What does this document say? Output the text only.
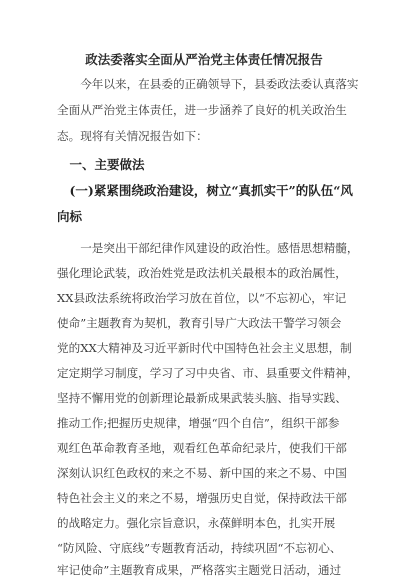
政法委落实全面从严治党主体责任情况报告
　　今年以来，在县委的正确领导下，县委政法委认真落实
全面从严治党主体责任，进一步涵养了良好的机关政治生
态。现将有关情况报告如下：
　一、主要做法
　(一)紧紧围绕政治建设，树立“真抓实干”的队伍“风
向标
　　一是突出干部纪律作风建设的政治性。感悟思想精髓，
强化理论武装，政治姓党是政法机关最根本的政治属性，
XX县政法系统将政治学习放在首位，以“不忘初心，牢记
使命”主题教育为契机，教育引导广大政法干警学习领会
党的XX大精神及习近平新时代中国特色社会主义思想，制
定定期学习制度，学习了习中央省、市、县重要文件精神，
坚持不懈用党的创新理论最新成果武装头脑、指导实践、
推动工作;把握历史规律，增强“四个自信”，组织干部参
观红色革命教育圣地，观看红色革命纪录片，使我们干部
深刻认识红色政权的来之不易、新中国的来之不易、中国
特色社会主义的来之不易，增强历史自觉，保持政法干部
的战略定力。强化宗旨意识，永葆鲜明本色，扎实开展
“防风险、守底线”专题教育活动，持续巩固“不忘初心、
牢记使命”主题教育成果，严格落实主题党日活动，通过
